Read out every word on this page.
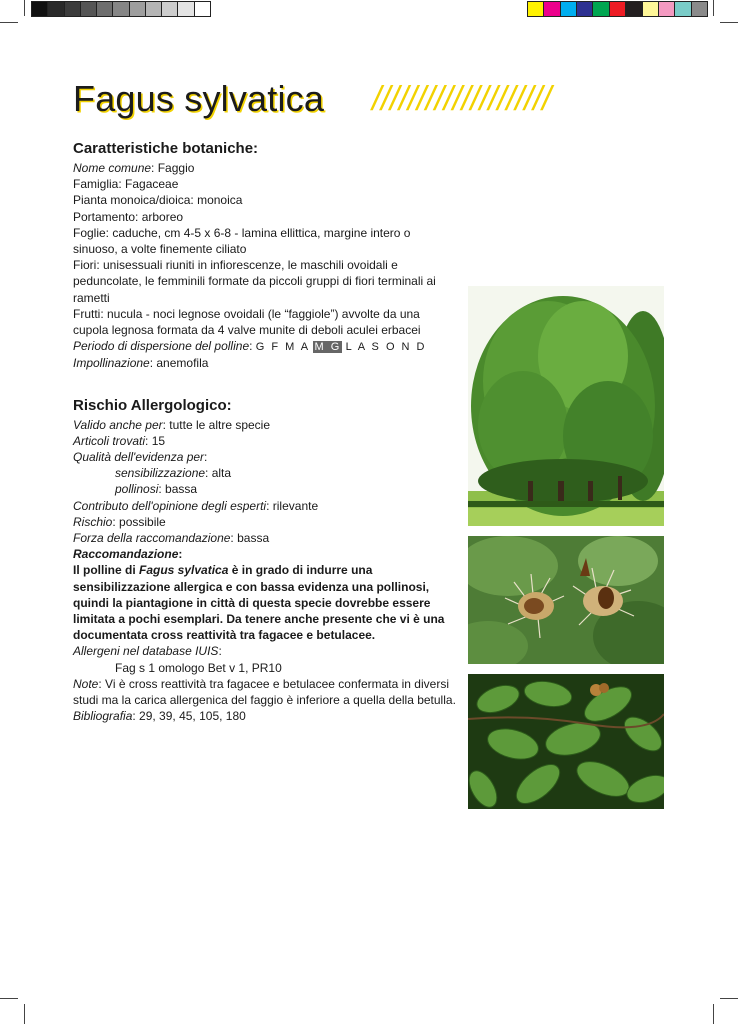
Fagus sylvatica ////////////////////
Caratteristiche botaniche:
Nome comune: Faggio
Famiglia: Fagaceae
Pianta monoica/dioica: monoica
Portamento: arboreo
Foglie: caduche, cm 4-5 x 6-8 - lamina ellittica, margine intero o sinuoso, a volte finemente ciliato
Fiori: unisessuali riuniti in infiorescenze, le maschili ovoidali e peduncolate, le femminili formate da piccoli gruppi di fiori terminali ai rametti
Frutti: nucula - noci legnose ovoidali (le “faggiole”) avvolte da una cupola legnosa formata da 4 valve munite di deboli aculei erbacei
Periodo di dispersione del polline: G F M A M G L A S O N D
Impollinazione: anemofila
Rischio Allergologico:
Valido anche per: tutte le altre specie
Articoli trovati: 15
Qualità dell'evidenza per:
sensibilizzazione: alta
pollinosi: bassa
Contributo dell'opinione degli esperti: rilevante
Rischio: possibile
Forza della raccomandazione: bassa
Raccomandazione:
Il polline di Fagus sylvatica è in grado di indurre una sensibilizzazione allergica e con bassa evidenza una pollinosi, quindi la piantagione in città di questa specie dovrebbe essere limitata a pochi esemplari. Da tenere anche presente che vi è una documentata cross reattività tra fagacee e betulacee.
Allergeni nel database IUIS:
Fag s 1 omologo Bet v 1, PR10
Note: Vi è cross reattività tra fagacee e betulacee confermata in diversi studi ma la carica allergenica del faggio è inferiore a quella della betulla.
Bibliografia: 29, 39, 45, 105, 180
